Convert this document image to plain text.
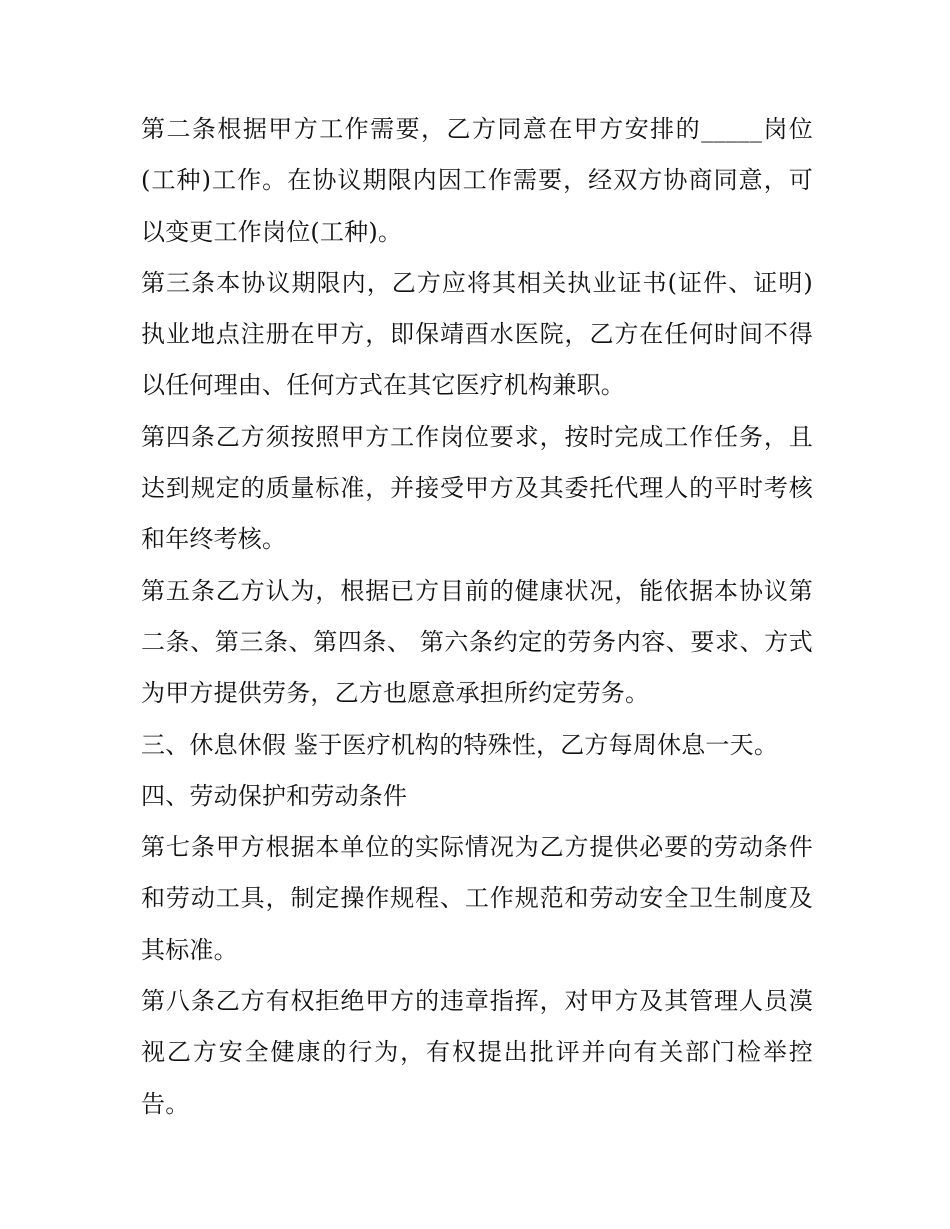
第二条根据甲方工作需要，乙方同意在甲方安排的_____岗位(工种)工作。在协议期限内因工作需要，经双方协商同意，可以变更工作岗位(工种)。

第三条本协议期限内，乙方应将其相关执业证书(证件、证明)执业地点注册在甲方，即保靖酉水医院，乙方在任何时间不得以任何理由、任何方式在其它医疗机构兼职。

第四条乙方须按照甲方工作岗位要求，按时完成工作任务，且达到规定的质量标准，并接受甲方及其委托代理人的平时考核和年终考核。

第五条乙方认为，根据已方目前的健康状况，能依据本协议第二条、第三条、第四条、 第六条约定的劳务内容、要求、方式为甲方提供劳务，乙方也愿意承担所约定劳务。

三、休息休假 鉴于医疗机构的特殊性，乙方每周休息一天。

四、劳动保护和劳动条件

第七条甲方根据本单位的实际情况为乙方提供必要的劳动条件和劳动工具，制定操作规程、工作规范和劳动安全卫生制度及其标准。

第八条乙方有权拒绝甲方的违章指挥，对甲方及其管理人员漠视乙方安全健康的行为，有权提出批评并向有关部门检举控告。
